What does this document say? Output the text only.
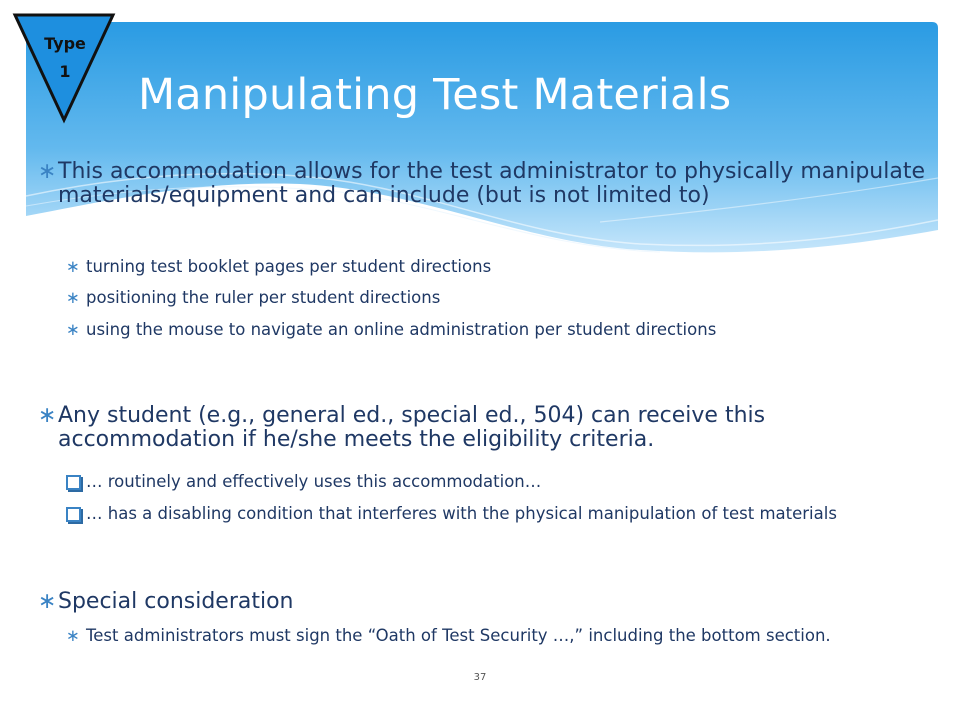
Type
1	Manipulating Test Materials
∗ This accommodation allows for the test administrator to physically manipulate materials/equipment and can include (but is not limited to)
∗ turning test booklet pages per student directions
∗ positioning the ruler per student directions
∗ using the mouse to navigate an online administration per student directions
∗ Any student (e.g., general ed., special ed., 504) can receive this accommodation if he/she meets the eligibility criteria.
… routinely and effectively uses this accommodation…
… has a disabling condition that interferes with the physical manipulation of test materials
∗ Special consideration
∗ Test administrators must sign the “Oath of Test Security …,” including the bottom section.
37
